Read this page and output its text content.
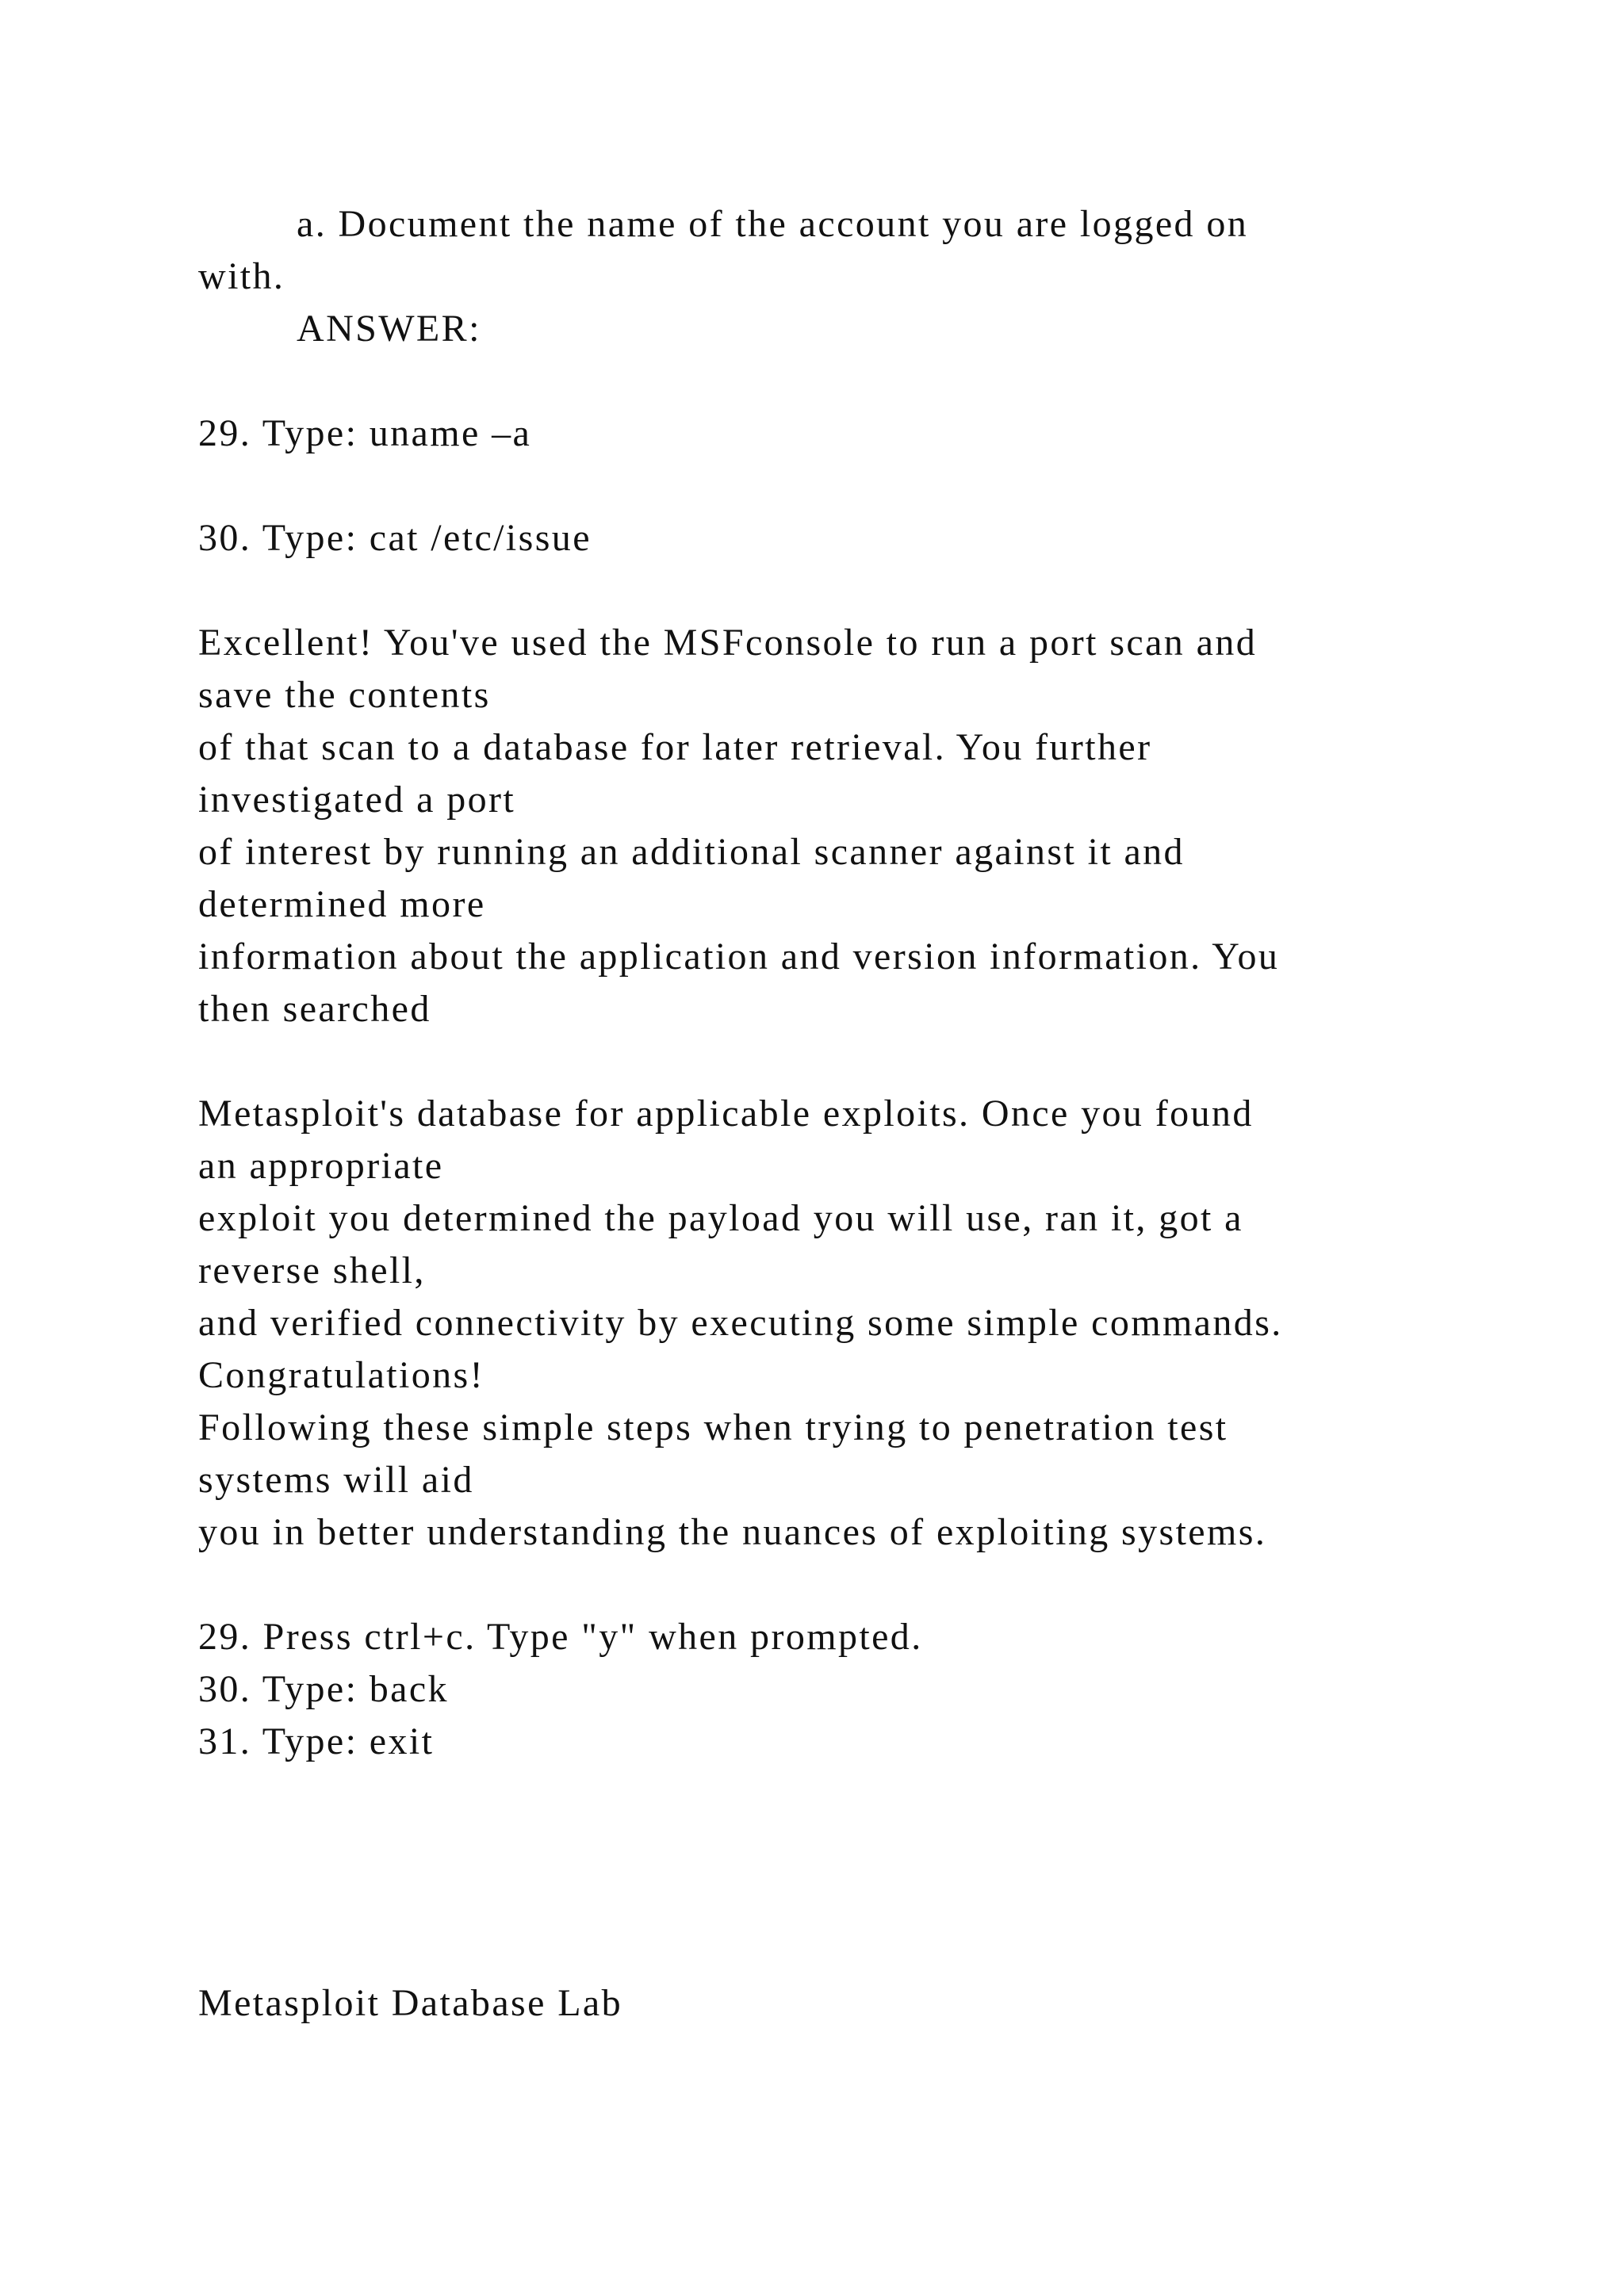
a. Document the name of the account you are logged on

with.

ANSWER:

29. Type: uname –a

30. Type: cat /etc/issue

Excellent! You've used the MSFconsole to run a port scan and

save the contents

of that scan to a database for later retrieval. You further

investigated a port

of interest by running an additional scanner against it and

determined more

information about the application and version information. You

then searched

Metasploit's database for applicable exploits. Once you found

an appropriate

exploit you determined the payload you will use, ran it, got a

reverse shell,

and verified connectivity by executing some simple commands.

Congratulations!

Following these simple steps when trying to penetration test

systems will aid

you in better understanding the nuances of exploiting systems.

29. Press ctrl+c. Type "y" when prompted.

30. Type: back

31. Type: exit

Metasploit Database Lab
